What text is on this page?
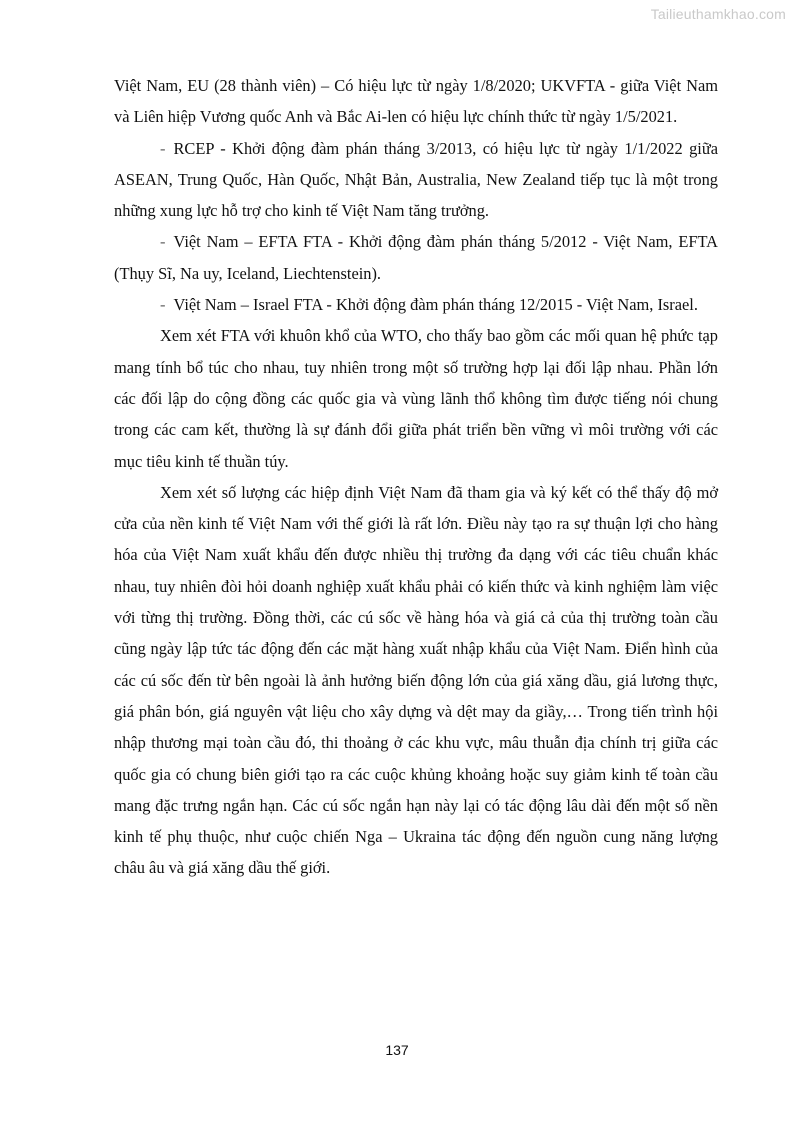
Tailieuthamkhao.com

Việt Nam, EU (28 thành viên) – Có hiệu lực từ ngày 1/8/2020; UKVFTA - giữa Việt Nam và Liên hiệp Vương quốc Anh và Bắc Ai-len có hiệu lực chính thức từ ngày 1/5/2021.

- RCEP - Khởi động đàm phán tháng 3/2013, có hiệu lực từ ngày 1/1/2022 giữa ASEAN, Trung Quốc, Hàn Quốc, Nhật Bản, Australia, New Zealand tiếp tục là một trong những xung lực hỗ trợ cho kinh tế Việt Nam tăng trưởng.

- Việt Nam – EFTA FTA - Khởi động đàm phán tháng 5/2012 - Việt Nam, EFTA (Thụy Sĩ, Na uy, Iceland, Liechtenstein).

- Việt Nam – Israel FTA - Khởi động đàm phán tháng 12/2015 - Việt Nam, Israel.

Xem xét FTA với khuôn khổ của WTO, cho thấy bao gồm các mối quan hệ phức tạp mang tính bổ túc cho nhau, tuy nhiên trong một số trường hợp lại đối lập nhau. Phần lớn các đối lập do cộng đồng các quốc gia và vùng lãnh thổ không tìm được tiếng nói chung trong các cam kết, thường là sự đánh đổi giữa phát triển bền vững vì môi trường với các mục tiêu kinh tế thuần túy.

Xem xét số lượng các hiệp định Việt Nam đã tham gia và ký kết có thể thấy độ mở cửa của nền kinh tế Việt Nam với thế giới là rất lớn. Điều này tạo ra sự thuận lợi cho hàng hóa của Việt Nam xuất khẩu đến được nhiều thị trường đa dạng với các tiêu chuẩn khác nhau, tuy nhiên đòi hỏi doanh nghiệp xuất khẩu phải có kiến thức và kinh nghiệm làm việc với từng thị trường. Đồng thời, các cú sốc về hàng hóa và giá cả của thị trường toàn cầu cũng ngày lập tức tác động đến các mặt hàng xuất nhập khẩu của Việt Nam. Điển hình của các cú sốc đến từ bên ngoài là ảnh hưởng biến động lớn của giá xăng dầu, giá lương thực, giá phân bón, giá nguyên vật liệu cho xây dựng và dệt may da giầy,… Trong tiến trình hội nhập thương mại toàn cầu đó, thi thoảng ở các khu vực, mâu thuẫn địa chính trị giữa các quốc gia có chung biên giới tạo ra các cuộc khủng khoảng hoặc suy giảm kinh tế toàn cầu mang đặc trưng ngắn hạn. Các cú sốc ngắn hạn này lại có tác động lâu dài đến một số nền kinh tế phụ thuộc, như cuộc chiến Nga – Ukraina tác động đến nguồn cung năng lượng châu âu và giá xăng dầu thế giới.

137
